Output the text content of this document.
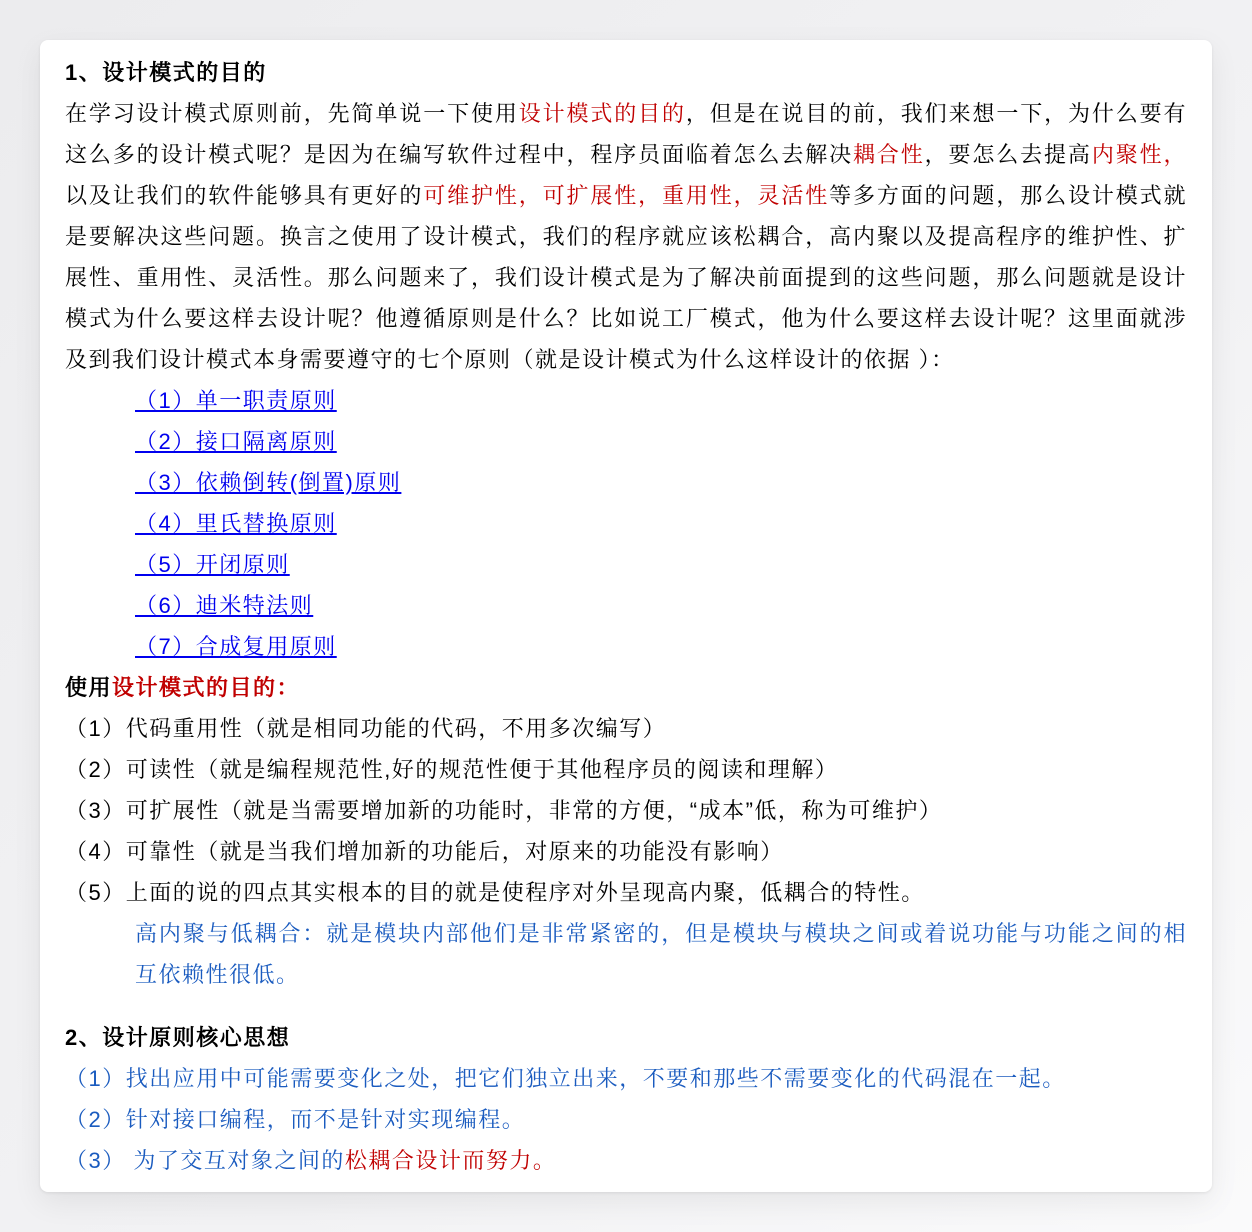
1、设计模式的目的

在学习设计模式原则前，先简单说一下使用设计模式的目的，但是在说目的前，我们来想一下，为什么要有这么多的设计模式呢？是因为在编写软件过程中，程序员面临着怎么去解决耦合性，要怎么去提高内聚性，以及让我们的软件能够具有更好的可维护性，可扩展性，重用性，灵活性等多方面的问题，那么设计模式就是要解决这些问题。换言之使用了设计模式，我们的程序就应该松耦合，高内聚以及提高程序的维护性、扩展性、重用性、灵活性。那么问题来了，我们设计模式是为了解决前面提到的这些问题，那么问题就是设计模式为什么要这样去设计呢？他遵循原则是什么？比如说工厂模式，他为什么要这样去设计呢？这里面就涉及到我们设计模式本身需要遵守的七个原则（就是设计模式为什么这样设计的依据 ）：

（1）单一职责原则
（2）接口隔离原则
（3）依赖倒转(倒置)原则
（4）里氏替换原则
（5）开闭原则
（6）迪米特法则
（7）合成复用原则
使用设计模式的目的：
（1）代码重用性（就是相同功能的代码，不用多次编写）
（2）可读性（就是编程规范性,好的规范性便于其他程序员的阅读和理解）
（3）可扩展性（就是当需要增加新的功能时，非常的方便，“成本”低，称为可维护）
（4）可靠性（就是当我们增加新的功能后，对原来的功能没有影响）
（5）上面的说的四点其实根本的目的就是使程序对外呈现高内聚，低耦合的特性。
高内聚与低耦合：就是模块内部他们是非常紧密的，但是模块与模块之间或着说功能与功能之间的相互依赖性很低。
2、设计原则核心思想
（1）找出应用中可能需要变化之处，把它们独立出来，不要和那些不需要变化的代码混在一起。
（2）针对接口编程，而不是针对实现编程。
（3） 为了交互对象之间的松耦合设计而努力。
